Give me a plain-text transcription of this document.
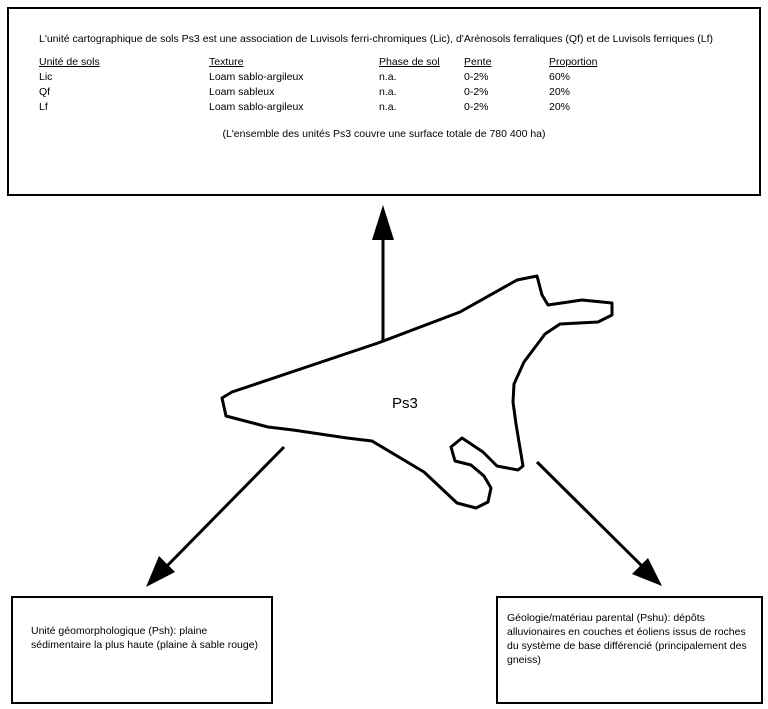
L'unité cartographique de sols Ps3 est une association de Luvisols ferri-chromiques (Lic), d'Arénosols ferraliques (Qf) et de Luvisols ferriques (Lf)

Unité de sols	Texture	Phase de sol	Pente	Proportion
Lic	Loam sablo-argileux	n.a.	0-2%	60%
Qf	Loam sableux	n.a.	0-2%	20%
Lf	Loam sablo-argileux	n.a.	0-2%	20%
(L'ensemble des unités Ps3 couvre une surface totale de 780 400 ha)
Ps3
Unité géomorphologique (Psh): plaine sédimentaire la plus haute (plaine à sable rouge)
Géologie/matériau parental (Pshu): dépôts alluvionaires en couches et éoliens issus de roches du système de base différencié (principalement des gneiss)
